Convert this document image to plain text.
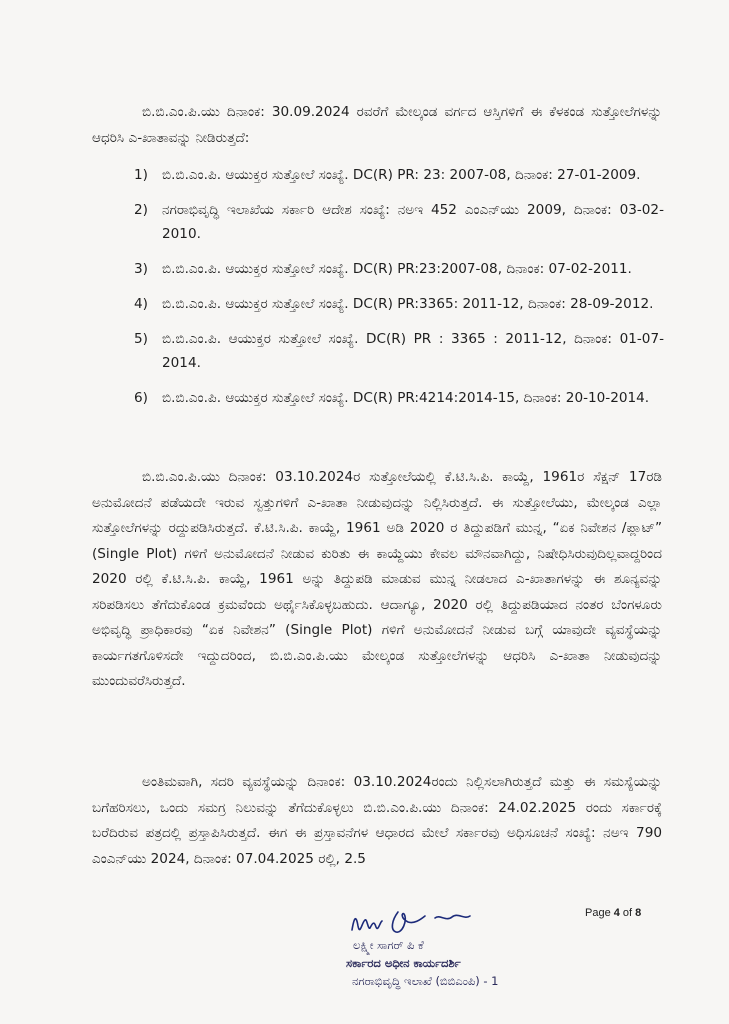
ಬಿ.ಬಿ.ಎಂ.ಪಿ.ಯು ದಿನಾಂಕ: 30.09.2024 ರವರೆಗೆ ಮೇಲ್ಕಂಡ ವರ್ಗದ ಆಸ್ತಿಗಳಿಗೆ ಈ ಕೆಳಕಂಡ ಸುತ್ತೋಲೆಗಳನ್ನು ಆಧರಿಸಿ ಎ-ಖಾತಾವನ್ನು ನೀಡಿರುತ್ತದೆ:

1) ಬಿ.ಬಿ.ಎಂ.ಪಿ. ಆಯುಕ್ತರ ಸುತ್ತೋಲೆ ಸಂಖ್ಯೆ. DC(R) PR: 23: 2007-08, ದಿನಾಂಕ: 27-01-2009.
2) ನಗರಾಭಿವೃದ್ಧಿ ಇಲಾಖೆಯ ಸರ್ಕಾರಿ ಆದೇಶ ಸಂಖ್ಯೆ: ನಅಇ 452 ಎಂಎನ್‌ಯು 2009, ದಿನಾಂಕ: 03-02-2010.
3) ಬಿ.ಬಿ.ಎಂ.ಪಿ. ಆಯುಕ್ತರ ಸುತ್ತೋಲೆ ಸಂಖ್ಯೆ. DC(R) PR:23:2007-08, ದಿನಾಂಕ: 07-02-2011.
4) ಬಿ.ಬಿ.ಎಂ.ಪಿ. ಆಯುಕ್ತರ ಸುತ್ತೋಲೆ ಸಂಖ್ಯೆ. DC(R) PR:3365: 2011-12, ದಿನಾಂಕ: 28-09-2012.
5) ಬಿ.ಬಿ.ಎಂ.ಪಿ. ಆಯುಕ್ತರ ಸುತ್ತೋಲೆ ಸಂಖ್ಯೆ. DC(R) PR : 3365 : 2011-12, ದಿನಾಂಕ: 01-07-2014.
6) ಬಿ.ಬಿ.ಎಂ.ಪಿ. ಆಯುಕ್ತರ ಸುತ್ತೋಲೆ ಸಂಖ್ಯೆ. DC(R) PR:4214:2014-15, ದಿನಾಂಕ: 20-10-2014.

ಬಿ.ಬಿ.ಎಂ.ಪಿ.ಯು ದಿನಾಂಕ: 03.10.2024ರ ಸುತ್ತೋಲೆಯಲ್ಲಿ ಕೆ.ಟಿ.ಸಿ.ಪಿ. ಕಾಯ್ದೆ, 1961ರ ಸೆಕ್ಷನ್ 17ರಡಿ ಅನುಮೋದನೆ ಪಡೆಯದೇ ಇರುವ ಸ್ವತ್ತುಗಳಿಗೆ ಎ-ಖಾತಾ ನೀಡುವುದನ್ನು ನಿಲ್ಲಿಸಿರುತ್ತದೆ. ಈ ಸುತ್ತೋಲೆಯು, ಮೇಲ್ಕಂಡ ಎಲ್ಲಾ ಸುತ್ತೋಲೆಗಳನ್ನು ರದ್ದುಪಡಿಸಿರುತ್ತದೆ. ಕೆ.ಟಿ.ಸಿ.ಪಿ. ಕಾಯ್ದೆ, 1961 ಅಡಿ 2020 ರ ತಿದ್ದುಪಡಿಗೆ ಮುನ್ನ, “ಏಕ ನಿವೇಶನ /ಪ್ಲಾಟ್” (Single Plot) ಗಳಿಗೆ ಅನುಮೋದನೆ ನೀಡುವ ಕುರಿತು ಈ ಕಾಯ್ದೆಯು ಕೇವಲ ಮೌನವಾಗಿದ್ದು, ನಿಷೇಧಿಸಿರುವುದಿಲ್ಲವಾದ್ದರಿಂದ 2020 ರಲ್ಲಿ ಕೆ.ಟಿ.ಸಿ.ಪಿ. ಕಾಯ್ದೆ, 1961 ಅನ್ನು ತಿದ್ದುಪಡಿ ಮಾಡುವ ಮುನ್ನ ನೀಡಲಾದ ಎ-ಖಾತಾಗಳನ್ನು ಈ ಶೂನ್ಯವನ್ನು ಸರಿಪಡಿಸಲು ತೆಗೆದುಕೊಂಡ ಕ್ರಮವೆಂದು ಅರ್ಥೈಸಿಕೊಳ್ಳಬಹುದು. ಆದಾಗ್ಯೂ, 2020 ರಲ್ಲಿ ತಿದ್ದುಪಡಿಯಾದ ನಂತರ ಬೆಂಗಳೂರು ಅಭಿವೃದ್ಧಿ ಪ್ರಾಧಿಕಾರವು “ಏಕ ನಿವೇಶನ” (Single Plot) ಗಳಿಗೆ ಅನುಮೋದನೆ ನೀಡುವ ಬಗ್ಗೆ ಯಾವುದೇ ವ್ಯವಸ್ಥೆಯನ್ನು ಕಾರ್ಯಗತಗೊಳಿಸದೇ ಇದ್ದುದರಿಂದ, ಬಿ.ಬಿ.ಎಂ.ಪಿ.ಯು ಮೇಲ್ಕಂಡ ಸುತ್ತೋಲೆಗಳನ್ನು ಆಧರಿಸಿ ಎ-ಖಾತಾ ನೀಡುವುದನ್ನು ಮುಂದುವರೆಸಿರುತ್ತದೆ.

ಅಂತಿಮವಾಗಿ, ಸದರಿ ವ್ಯವಸ್ಥೆಯನ್ನು ದಿನಾಂಕ: 03.10.2024ರಂದು ನಿಲ್ಲಿಸಲಾಗಿರುತ್ತದೆ ಮತ್ತು ಈ ಸಮಸ್ಯೆಯನ್ನು ಬಗೆಹರಿಸಲು, ಒಂದು ಸಮಗ್ರ ನಿಲುವನ್ನು ತೆಗೆದುಕೊಳ್ಳಲು ಬಿ.ಬಿ.ಎಂ.ಪಿ.ಯು ದಿನಾಂಕ: 24.02.2025 ರಂದು ಸರ್ಕಾರಕ್ಕೆ ಬರೆದಿರುವ ಪತ್ರದಲ್ಲಿ ಪ್ರಸ್ತಾಪಿಸಿರುತ್ತದೆ. ಈಗ ಈ ಪ್ರಸ್ತಾವನೆಗಳ ಆಧಾರದ ಮೇಲೆ ಸರ್ಕಾರವು ಅಧಿಸೂಚನೆ ಸಂಖ್ಯೆ: ನಅಇ 790 ಎಂಎನ್‌ಯು 2024, ದಿನಾಂಕ: 07.04.2025 ರಲ್ಲಿ, 2.5

Page 4 of 8
ಲಕ್ಷ್ಮೀ ಸಾಗರ್ ಪಿ ಕೆ
ಸರ್ಕಾರದ ಅಧೀನ ಕಾರ್ಯದರ್ಶಿ
ನಗರಾಭಿವೃದ್ಧಿ ಇಲಾಖೆ (ಬಿಬಿಎಂಪಿ) - 1
